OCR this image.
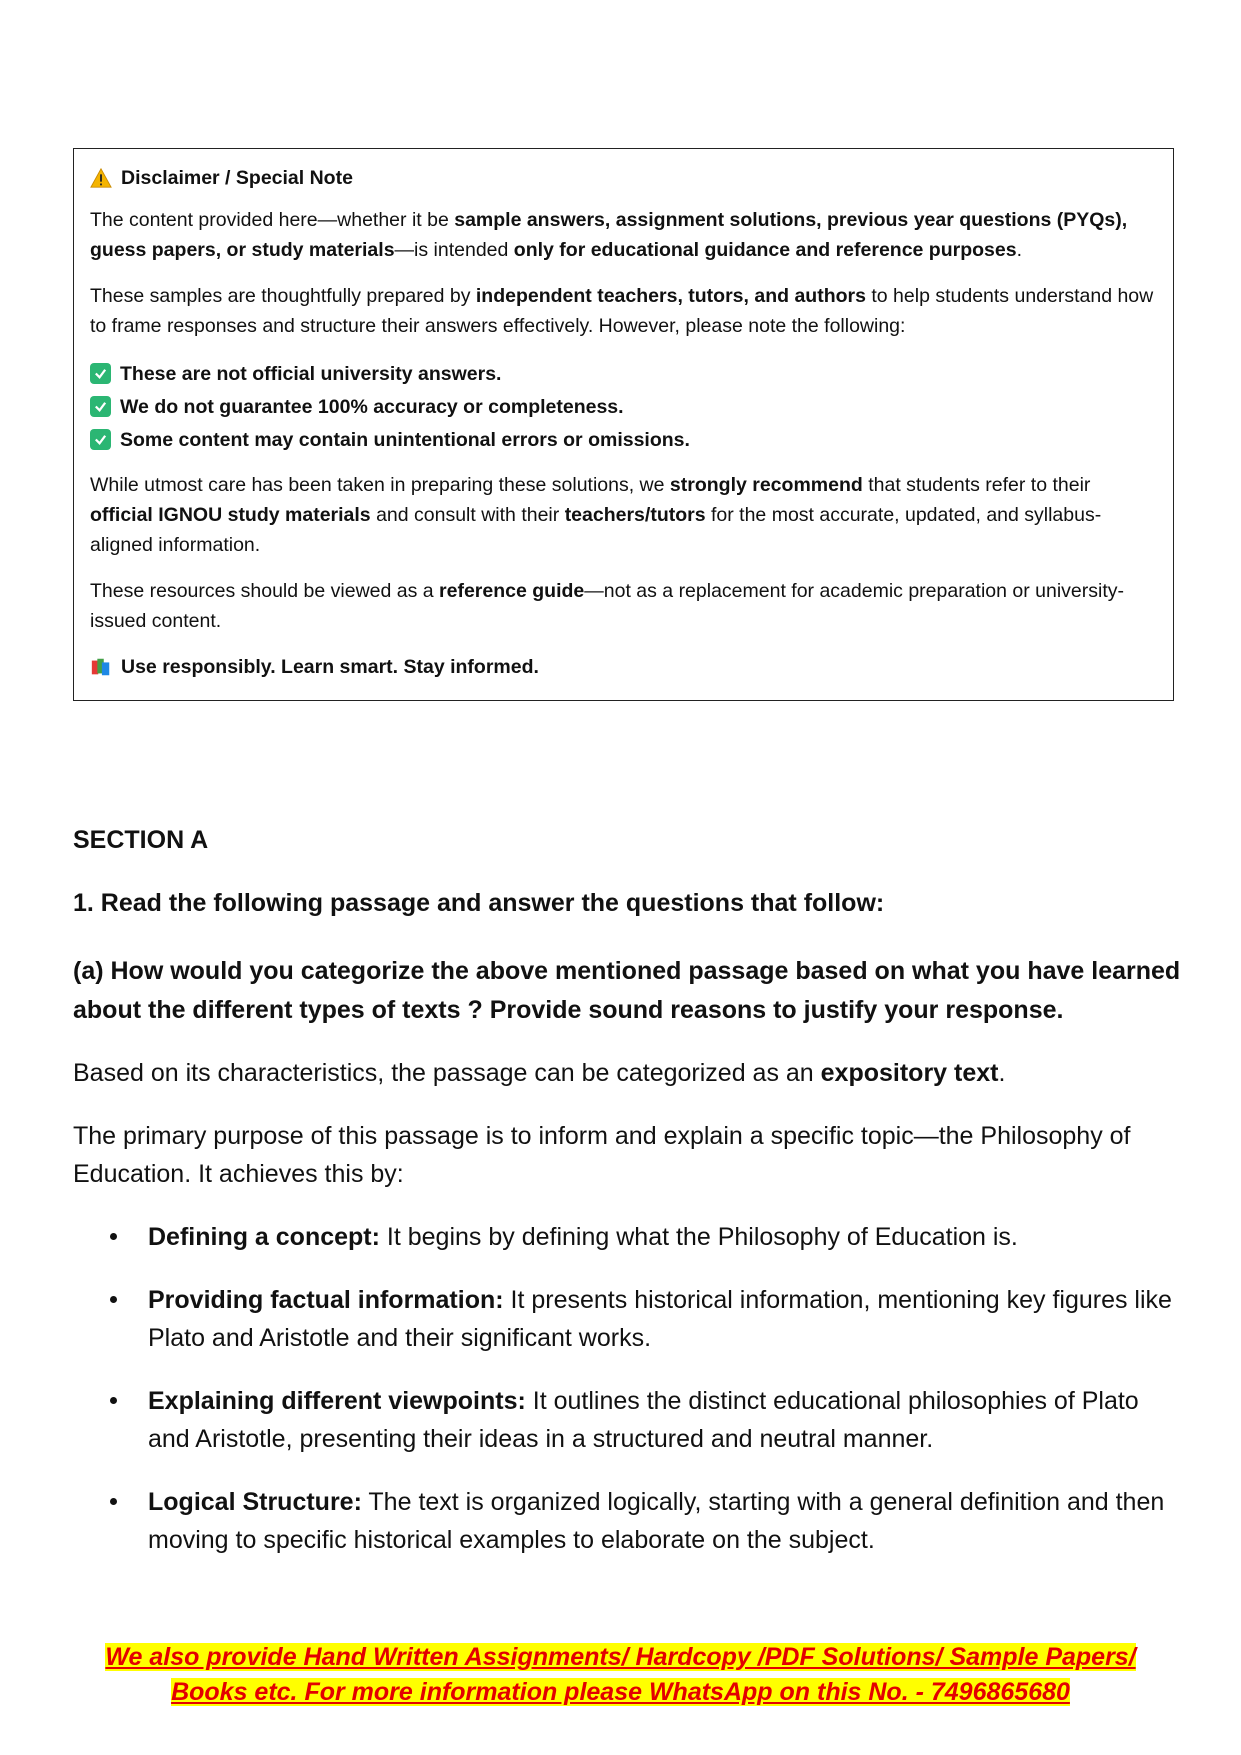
Disclaimer / Special Note

The content provided here—whether it be sample answers, assignment solutions, previous year questions (PYQs), guess papers, or study materials—is intended only for educational guidance and reference purposes.

These samples are thoughtfully prepared by independent teachers, tutors, and authors to help students understand how to frame responses and structure their answers effectively. However, please note the following:

These are not official university answers.
We do not guarantee 100% accuracy or completeness.
Some content may contain unintentional errors or omissions.

While utmost care has been taken in preparing these solutions, we strongly recommend that students refer to their official IGNOU study materials and consult with their teachers/tutors for the most accurate, updated, and syllabus-aligned information.

These resources should be viewed as a reference guide—not as a replacement for academic preparation or university-issued content.

Use responsibly. Learn smart. Stay informed.

SECTION A
1. Read the following passage and answer the questions that follow:
(a) How would you categorize the above mentioned passage based on what you have learned about the different types of texts ? Provide sound reasons to justify your response.
Based on its characteristics, the passage can be categorized as an expository text.
The primary purpose of this passage is to inform and explain a specific topic—the Philosophy of Education. It achieves this by:
Defining a concept: It begins by defining what the Philosophy of Education is.
Providing factual information: It presents historical information, mentioning key figures like Plato and Aristotle and their significant works.
Explaining different viewpoints: It outlines the distinct educational philosophies of Plato and Aristotle, presenting their ideas in a structured and neutral manner.
Logical Structure: The text is organized logically, starting with a general definition and then moving to specific historical examples to elaborate on the subject.
We also provide Hand Written Assignments/ Hardcopy /PDF Solutions/ Sample Papers/
Books etc. For more information please WhatsApp on this No. - 7496865680
